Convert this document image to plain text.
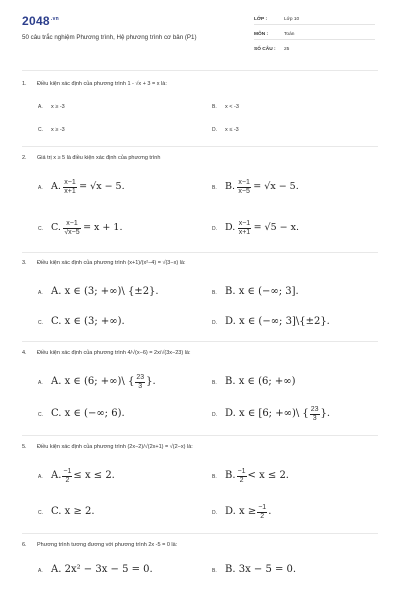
$2048^{.vn}$
50 câu trắc nghiệm Phương trình, Hệ phương trình cơ bản (P1)
LỚP :	Lớp 10
MÔN :	Toán
SỐ CÂU : 25
1. Điều kiện xác định của phương trình 1 - √x + 3 = x là:
A. x ≥ -3	B. x < -3
C. x ≥ -3	D. x ≤ -3
2. Giá trị x ≥ 5 là điều kiện xác định của phương trình
A. A. $\frac{x-1}{x+1} = √x - 5$.	B. B. $\frac{x-1}{x-5} = √x - 5$.
C. C. $\frac{x-1}{√x-5} = x + 1$.	D. D. $\frac{x-1}{x+1} = √5 - x$.
3. Điều kiện xác định của phương trình (x+1)/(x²−4) = √(3−x) là:
A. A. x ∈ (3; +∞)\ {±2}.	B. B. x ∈ (−∞; 3].
C. C. x ∈ (3; +∞).	D. D. x ∈ (−∞; 3]\{±2}.
4. Điều kiện xác định của phương trình 4/√(x−6) = 2x/√(3x−23) là:
A. A. x ∈ (6; +∞)\ { $\frac{23}{3}$ }.	B. B. x ∈ (6; +∞)
C. C. x ∈ (−∞; 6).	D. D. x ∈ [6; +∞)\ { $\frac{23}{3}$ }.
5. Điều kiện xác định của phương trình (2x−2)/√(2x+1) = √(2−x) là:
A. A. $\frac{-1}{2} \le x \le 2$.	B. B. $\frac{-1}{2} < x \le 2$.
C. C. x ≥ 2.	D. D. $x \ge \frac{-1}{2}$ .
6. Phương trình tương đương với phương trình 2x -5 = 0 là:
A. A. 2x² − 3x − 5 = 0.	B. B. 3x − 5 = 0.
